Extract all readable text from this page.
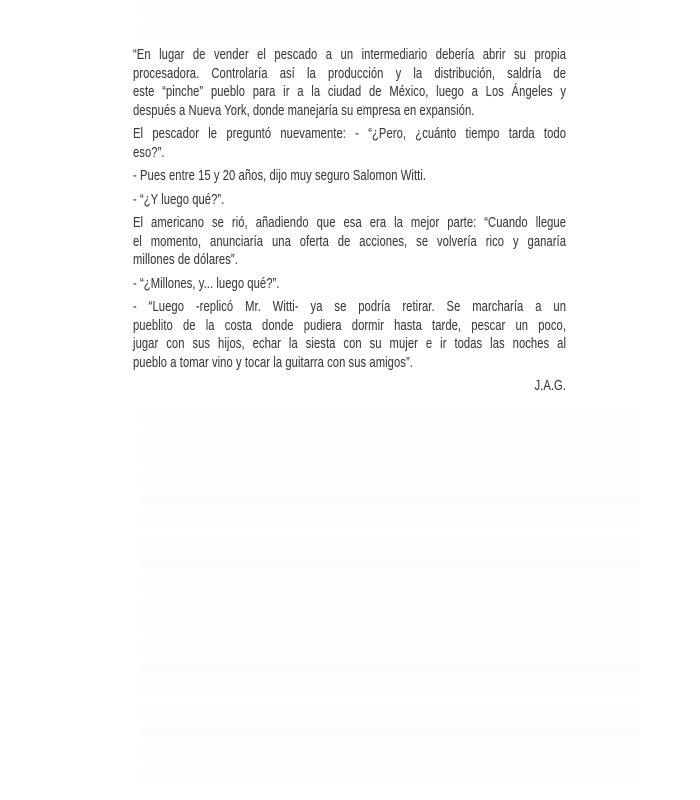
“En lugar de vender el pescado a un intermediario debería abrir su propia
procesadora. Controlaría así la producción y la distribución, saldría de
este “pinche” pueblo para ir a la ciudad de México, luego a Los Ángeles y
después a Nueva York, donde manejaría su empresa en expansión.
El pescador le preguntó nuevamente: - “¿Pero, ¿cuánto tiempo tarda todo
eso?”.
- Pues entre 15 y 20 años, dijo muy seguro Salomon Witti.
- “¿Y luego qué?”.
El americano se rió, añadiendo que esa era la mejor parte: “Cuando llegue
el momento, anunciaría una oferta de acciones, se volvería rico y ganaría
millones de dólares”.
- “¿Millones, y... luego qué?”.
- “Luego -replicó Mr. Witti- ya se podría retirar. Se marcharía a un
pueblito de la costa donde pudiera dormir hasta tarde, pescar un poco,
jugar con sus hijos, echar la siesta con su mujer e ir todas las noches al
pueblo a tomar vino y tocar la guitarra con sus amigos”.
J.A.G.
